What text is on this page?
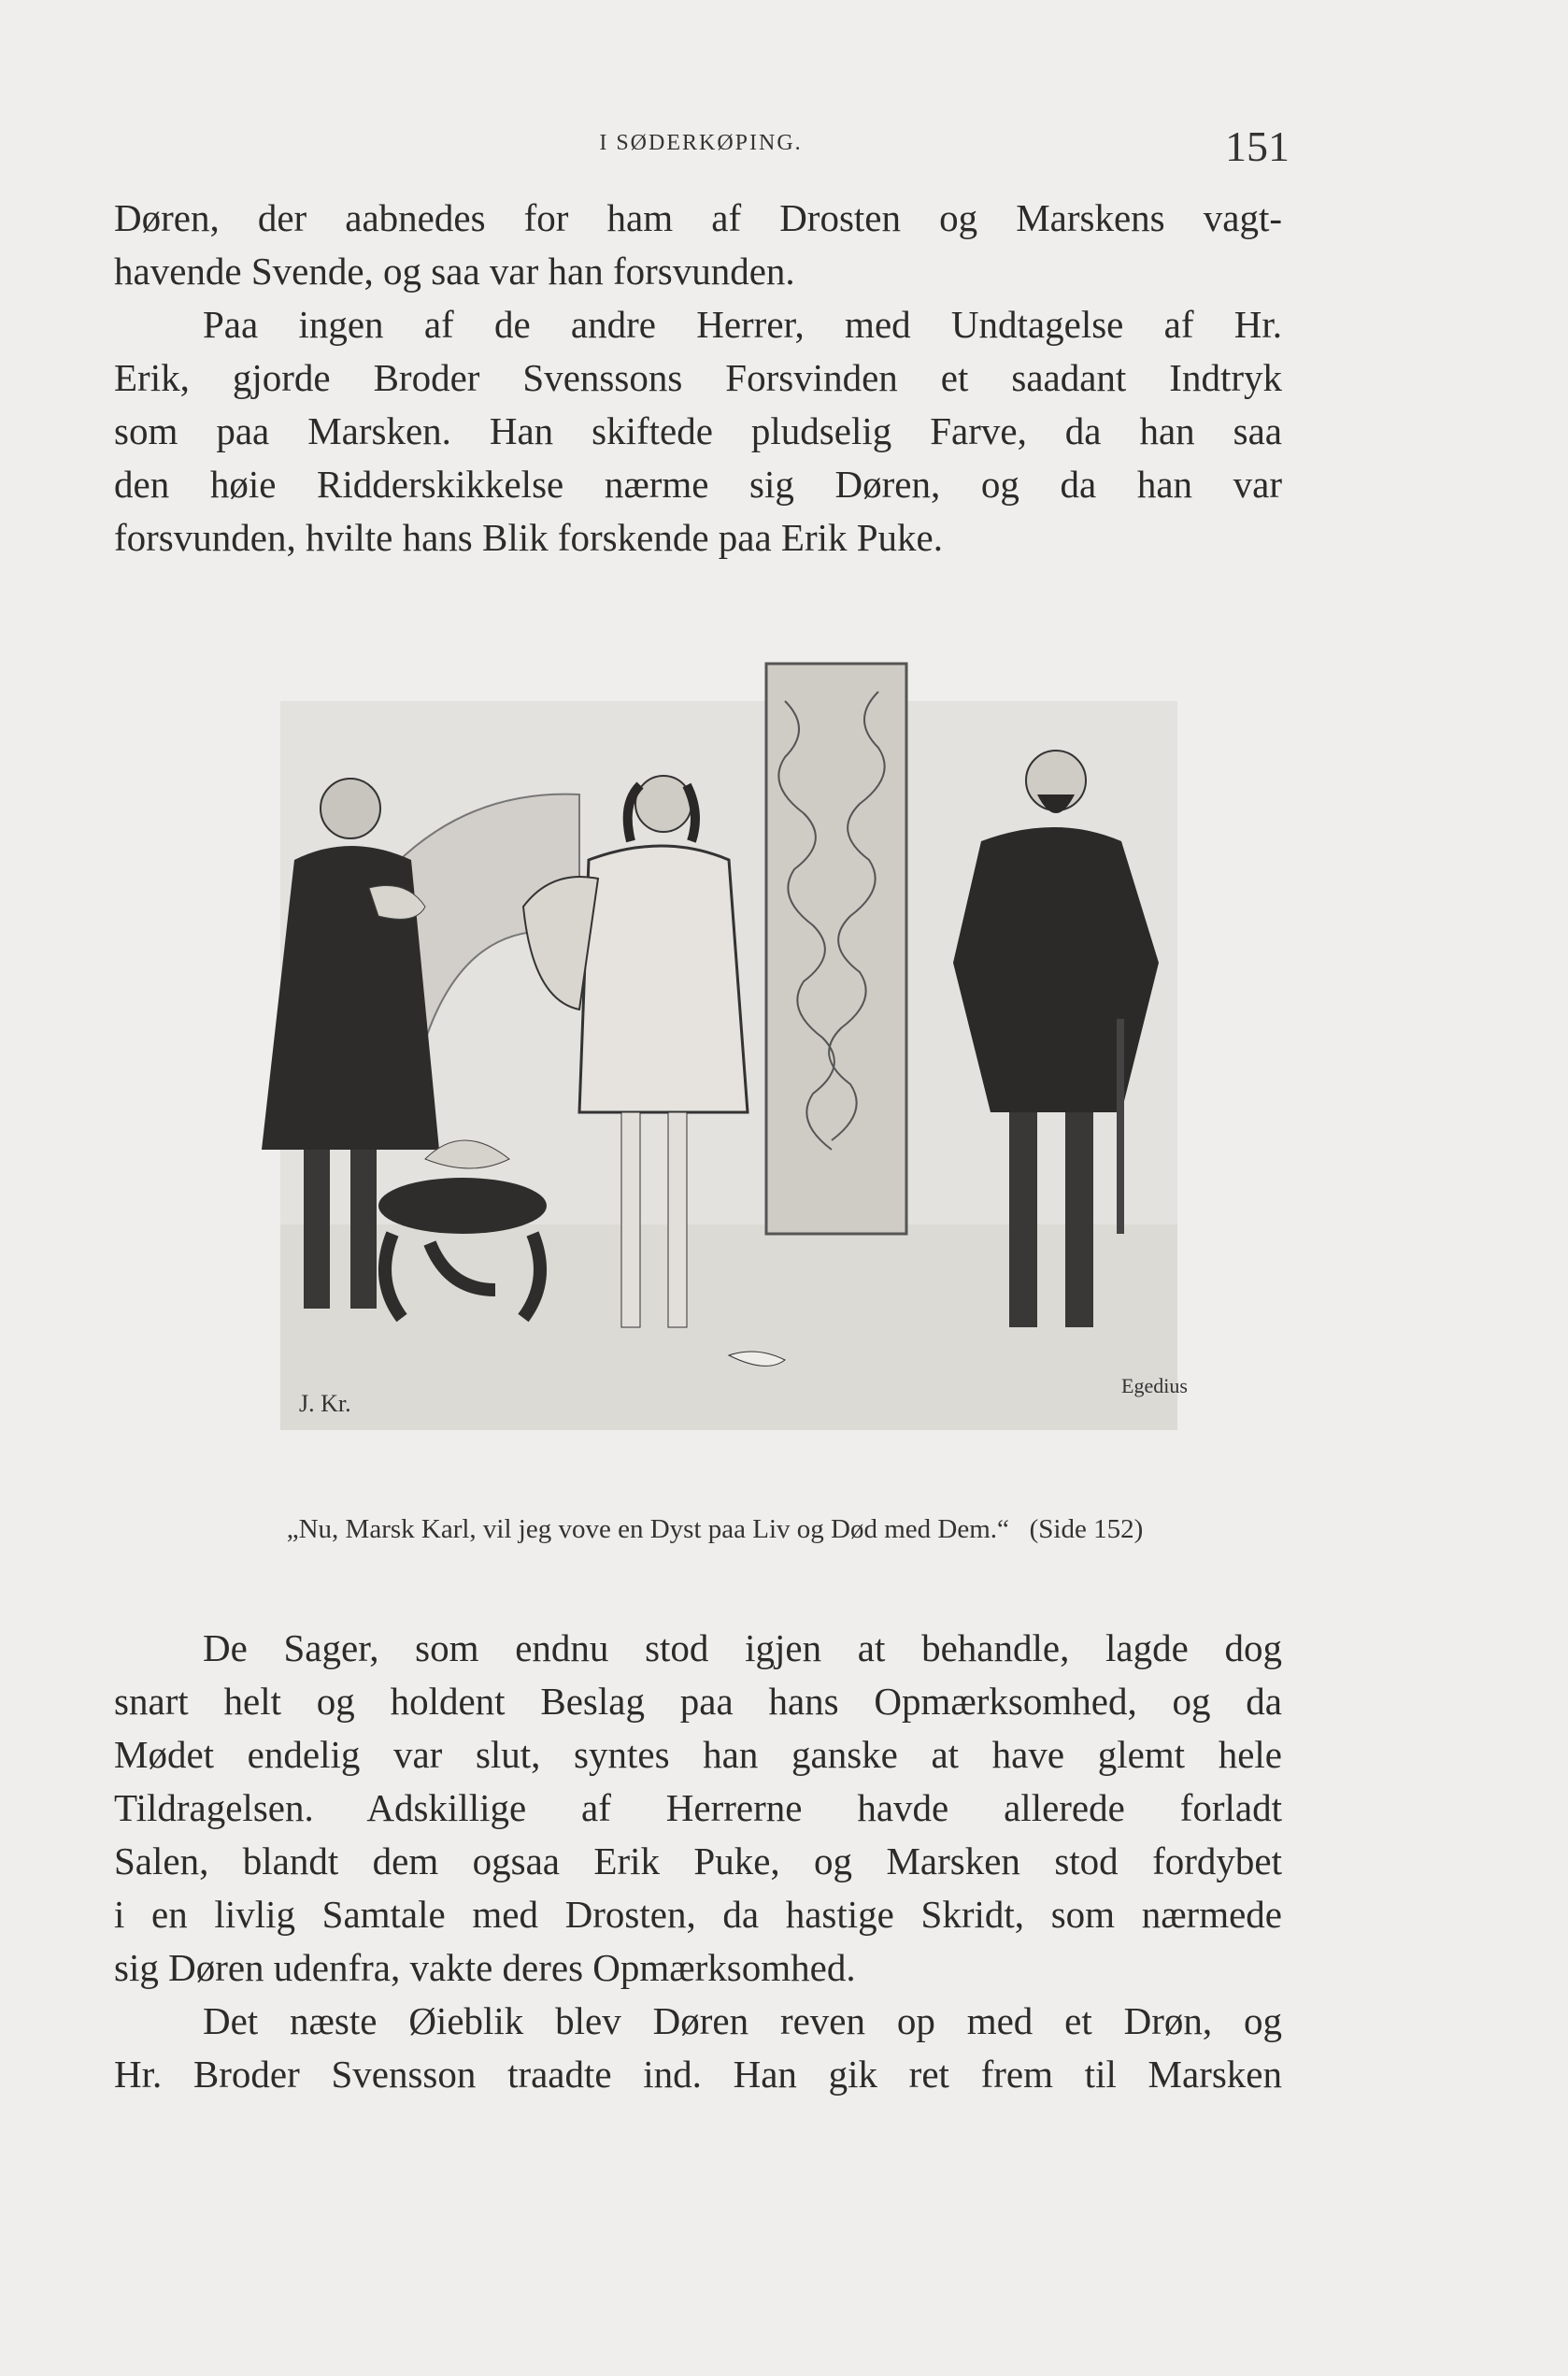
I SØDERKØPING.	151
Døren, der aabnedes for ham af Drosten og Marskens vagt-
havende Svende, og saa var han forsvunden.
Paa ingen af de andre Herrer, med Undtagelse af Hr.
Erik, gjorde Broder Svenssons Forsvinden et saadant Indtryk
som paa Marsken. Han skiftede pludselig Farve, da han saa
den høie Ridderskikkelse nærme sig Døren, og da han var
forsvunden, hvilte hans Blik forskende paa Erik Puke.
J. Kr.
Egedius
„Nu, Marsk Karl, vil jeg vove en Dyst paa Liv og Død med Dem.“ (Side 152)
De Sager, som endnu stod igjen at behandle, lagde dog
snart helt og holdent Beslag paa hans Opmærksomhed, og da
Mødet endelig var slut, syntes han ganske at have glemt hele
Tildragelsen. Adskillige af Herrerne havde allerede forladt
Salen, blandt dem ogsaa Erik Puke, og Marsken stod fordybet
i en livlig Samtale med Drosten, da hastige Skridt, som nærmede
sig Døren udenfra, vakte deres Opmærksomhed.
Det næste Øieblik blev Døren reven op med et Drøn, og
Hr. Broder Svensson traadte ind. Han gik ret frem til Marsken
